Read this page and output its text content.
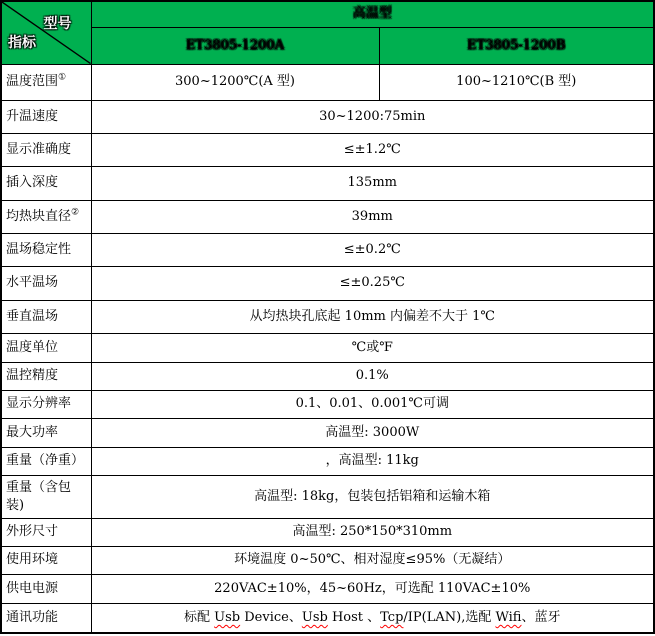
型号
指标	高温型	
	ET3805-1200A	ET3805-1200B
温度范围①	300~1200℃(A 型)	100~1210℃(B 型)
升温速度	30~1200:75min	
显示准确度	≤±1.2℃	
插入深度	135mm	
均热块直径②	39mm	
温场稳定性	≤±0.2℃	
水平温场	≤±0.25℃	
垂直温场	从均热块孔底起 10mm 内偏差不大于 1℃	
温度单位	℃或℉	
温控精度	0.1%	
显示分辨率	0.1、0.01、0.001℃可调	
最大功率	高温型: 3000W	
重量（净重）	，高温型: 11kg	
重量（含包装)	高温型: 18kg，包装包括铝箱和运输木箱	
外形尺寸	高温型: 250*150*310mm	
使用环境	环境温度 0~50℃、相对湿度≤95%（无凝结）	
供电电源	220VAC±10%，45~60Hz，可选配 110VAC±10%	
通讯功能	标配 Usb Device、Usb Host 、Tcp/IP(LAN),选配 Wifi、蓝牙	
